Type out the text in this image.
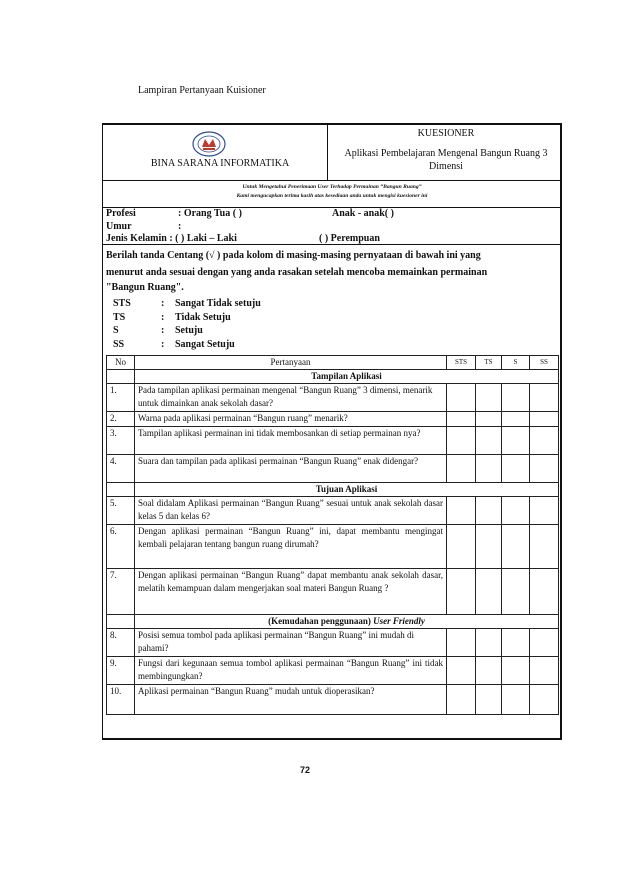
Lampiran Pertanyaan Kuisioner
BINA SARANA INFORMATIKA
KUESIONER
Aplikasi Pembelajaran Mengenal Bangun Ruang 3 Dimensi
Untuk Mengetahui Penerimaan User Terhadap Permainan “Bangun Ruang”
Kami mengucapkan terima kasih atas kesediaan anda untuk mengisi kuesioner ini
Profesi	: Orang Tua ( )	Anak - anak( )
Umur	:
Jenis Kelamin : ( ) Laki – Laki	( ) Perempuan
Berilah tanda Centang (√ ) pada kolom di masing-masing pernyataan di bawah ini yang
menurut anda sesuai dengan yang anda rasakan setelah mencoba memainkan permainan
"Bangun Ruang".
STS	: Sangat Tidak setuju
TS	: Tidak Setuju
S	: Setuju
SS	: Sangat Setuju
No	Pertanyaan	STS	TS	S	SS
	Tampilan Aplikasi				
1.	Pada tampilan aplikasi permainan mengenal “Bangun Ruang” 3 dimensi, menarik untuk dimainkan anak sekolah dasar?				
2.	Warna pada aplikasi permainan “Bangun ruang” menarik?				
3.	Tampilan aplikasi permainan ini tidak membosankan di setiap permainan nya?				
4.	Suara dan tampilan pada aplikasi permainan “Bangun Ruang” enak didengar?				
	Tujuan Aplikasi				
5.	Soal didalam Aplikasi permainan “Bangun Ruang” sesuai untuk anak sekolah dasar kelas 5 dan kelas 6?				
6.	Dengan aplikasi permainan “Bangun Ruang” ini, dapat membantu mengingat kembali pelajaran tentang bangun ruang dirumah?				
7.	Dengan aplikasi permainan “Bangun Ruang” dapat membantu anak sekolah dasar, melatih kemampuan dalam mengerjakan soal materi Bangun Ruang ?				
	(Kemudahan penggunaan) User Friendly				
8.	Posisi semua tombol pada aplikasi permainan “Bangun Ruang” ini mudah di pahami?				
9.	Fungsi dari kegunaan semua tombol aplikasi permainan “Bangun Ruang” ini tidak membingungkan?				
10.	Aplikasi permainan “Bangun Ruang” mudah untuk dioperasikan?				
72
